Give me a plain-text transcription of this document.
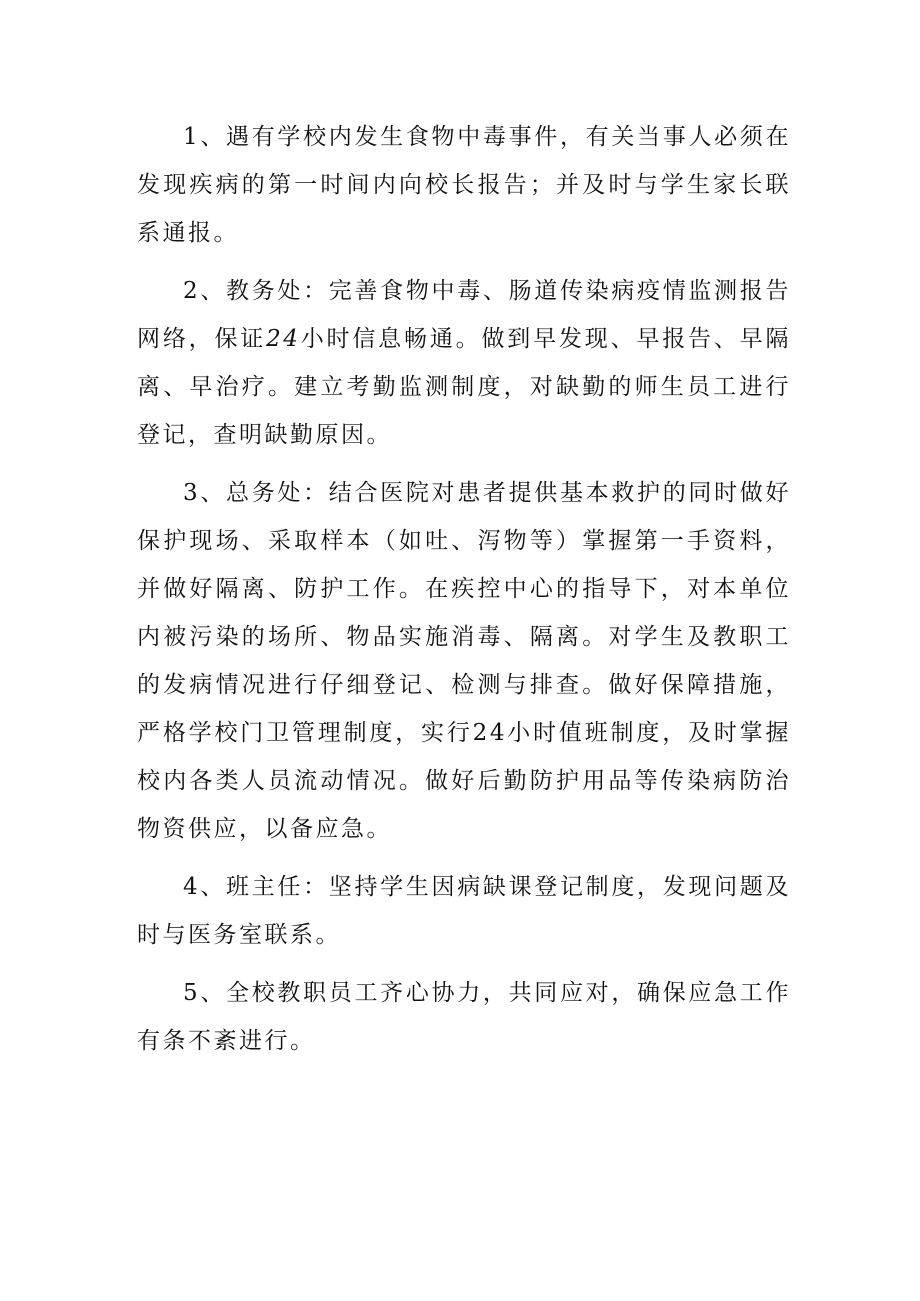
1、遇有学校内发生食物中毒事件，有关当事人必须在发现疾病的第一时间内向校长报告；并及时与学生家长联系通报。

2、教务处：完善食物中毒、肠道传染病疫情监测报告网络，保证24小时信息畅通。做到早发现、早报告、早隔离、早治疗。建立考勤监测制度，对缺勤的师生员工进行登记，查明缺勤原因。

3、总务处：结合医院对患者提供基本救护的同时做好保护现场、采取样本（如吐、泻物等）掌握第一手资料，并做好隔离、防护工作。在疾控中心的指导下，对本单位内被污染的场所、物品实施消毒、隔离。对学生及教职工的发病情况进行仔细登记、检测与排查。做好保障措施，严格学校门卫管理制度，实行24小时值班制度，及时掌握校内各类人员流动情况。做好后勤防护用品等传染病防治物资供应，以备应急。

4、班主任：坚持学生因病缺课登记制度，发现问题及时与医务室联系。

5、全校教职员工齐心协力，共同应对，确保应急工作有条不紊进行。
